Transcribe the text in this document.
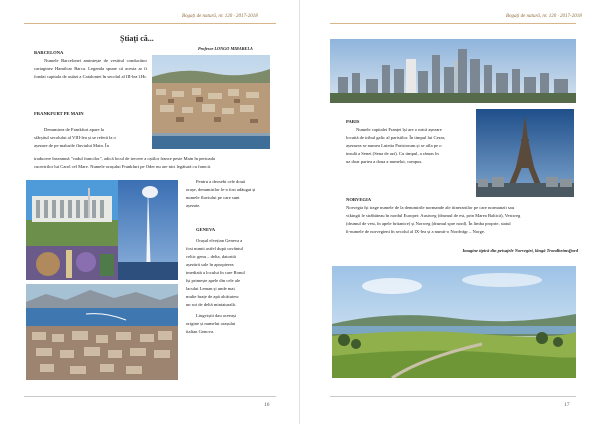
Bogați de natură, nr. 120 · 2017-2018
Știați că...
Profesor LONGO MIRABELA

BARCELONA

Numele Barcelonei amintește de vestitul conducător cartaginez Hamilcar Barca. Legenda spune că acesta ar fi fondat capitala de astăzi a Cataloniei în secolul al III-lea î.Hr.

FRANKFURT PE MAIN

Denumirea de Frankfurt apare la
sfârșitul secolului al VIII-lea și se referă la o
așezare de pe malurile fluviului Main. În
traducere înseamnă "vadul francilor", adică locul de trecere a oștilor france peste Main în perioada
cuceririlor lui Carol cel Mare. Numele orașului Frankfurt pe Oder nu are nici legătură cu francii.

Pentru a deosebi cele două

orașe, denumirilor le-a fost adăugat și

numele fluviului pe care sunt

așezate.

GENEVA

Orașul elvețian Geneva a

fost numit astfel după cuvântul

celtic genu – delta, datorită

așezării sale în apropierea

imediată a locului în care Ronul

își primește apele din cele ale

lacului Leman și unde mai

multe brațe de apă alcătuiesc

un soi de deltă miniaturală.

Lingviștii dau aceeași

origine și numelui orașului

italian Genova.

16
Bogați de natură, nr. 120 · 2017-2018

PARIS

Numele capitalei Franței își are o mică așezare

locuită de tribul galic al parisiilor. În timpul lui Cezar,

așezarea se numea Lutetia Parisiorum și se afla pe o

insulă a Senei (Sena de azi). Cu timpul, a rămas în

uz doar partea a doua a numelui, compus.

NORVEGIA

Norvegia își trage numele de la denumirile normande ale itinerariilor pe care normanzii sau

vikingii le străbăteau în nordul Europei: Austweg (drumul de est, prin Marea Baltică), Vestweg

(drumul de vest, în apele britanice) și Norweg (drumul spre nord). În limba proprie, statul

îi-numele de norvegieni în secolul al IX-lea și a numit-o Nordvăgr – Norge.

Imagine tipică din peisajele Norvegiei, lângă Trondheimsfjord
17
